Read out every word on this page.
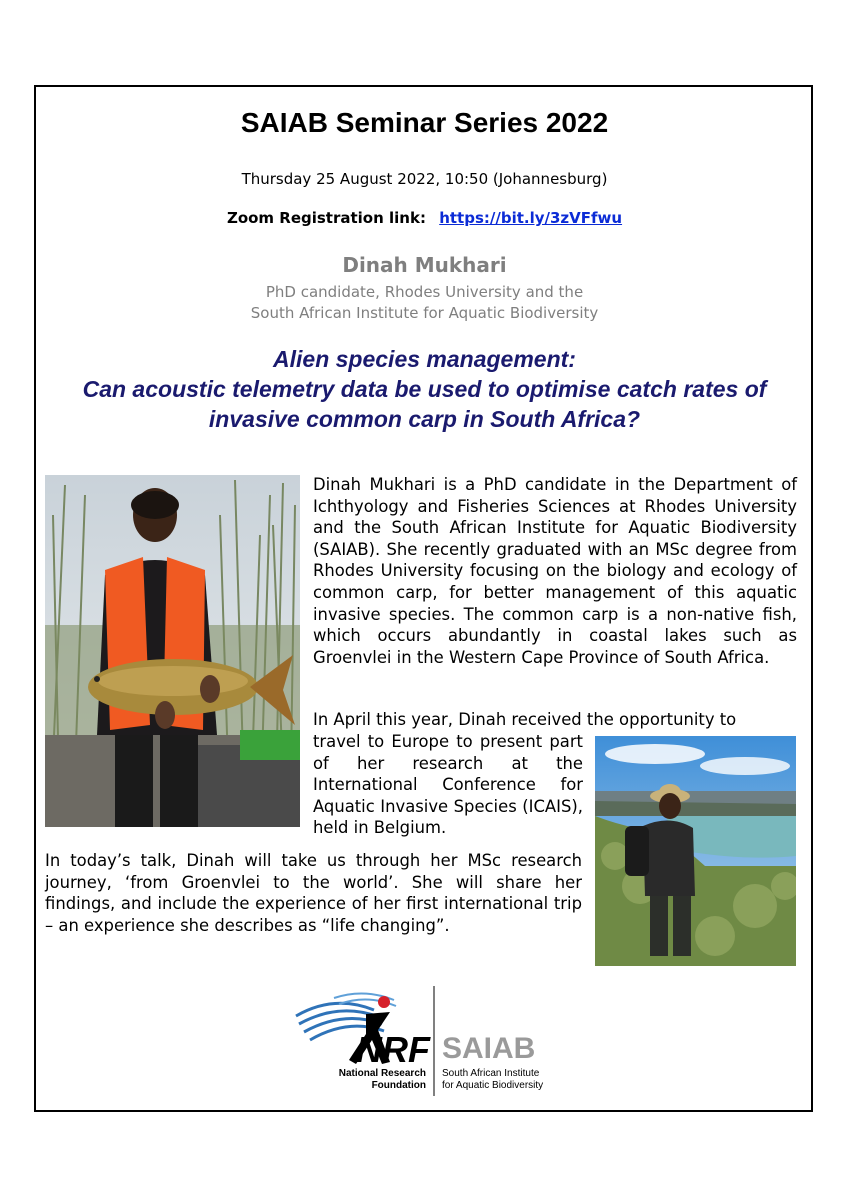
SAIAB Seminar Series 2022
Thursday 25 August 2022, 10:50 (Johannesburg)
Zoom Registration link: https://bit.ly/3zVFfwu
Dinah Mukhari
PhD candidate, Rhodes University and the
South African Institute for Aquatic Biodiversity
Alien species management:
Can acoustic telemetry data be used to optimise catch rates of
invasive common carp in South Africa?
Dinah Mukhari is a PhD candidate in the Department of Ichthyology and Fisheries Sciences at Rhodes University and the South African Institute for Aquatic Biodiversity (SAIAB). She recently graduated with an MSc degree from Rhodes University focusing on the biology and ecology of common carp, for better management of this aquatic invasive species. The common carp is a non-native fish, which occurs abundantly in coastal lakes such as Groenvlei in the Western Cape Province of South Africa.
In April this year, Dinah received the opportunity to
travel to Europe to present part of her research at the International Conference for Aquatic Invasive Species (ICAIS), held in Belgium.
In today’s talk, Dinah will take us through her MSc research journey, ‘from Groenvlei to the world’. She will share her findings, and include the experience of her first international trip – an experience she describes as “life changing”.
NRF
National Research
Foundation
SAIAB
South African Institute
for Aquatic Biodiversity
